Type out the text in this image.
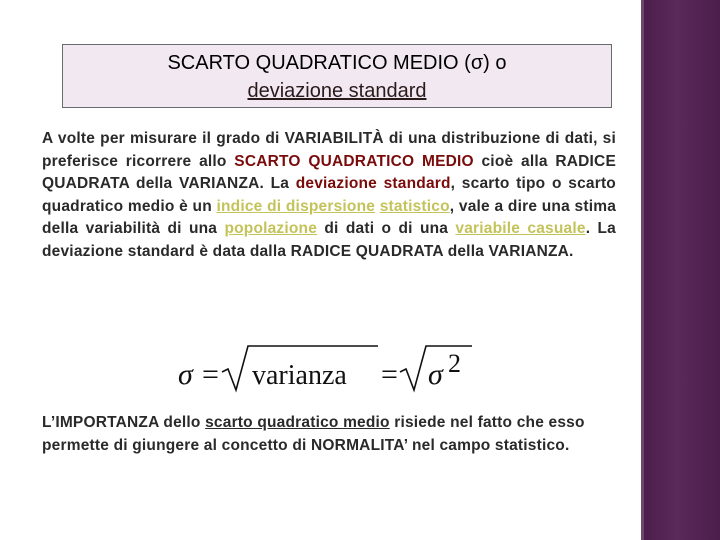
SCARTO QUADRATICO MEDIO (σ) o
deviazione standard
A volte per misurare il grado di VARIABILITÀ di una distribuzione di dati, si preferisce ricorrere allo SCARTO QUADRATICO MEDIO cioè alla RADICE QUADRATA della VARIANZA. La deviazione standard, scarto tipo o scarto quadratico medio è un indice di dispersione statistico, vale a dire una stima della variabilità di una popolazione di dati o di una variabile casuale. La deviazione standard è data dalla RADICE QUADRATA della VARIANZA.
σ = varianza = σ 2
L’IMPORTANZA dello scarto quadratico medio risiede nel fatto che esso permette di giungere al concetto di NORMALITA’ nel campo statistico.
